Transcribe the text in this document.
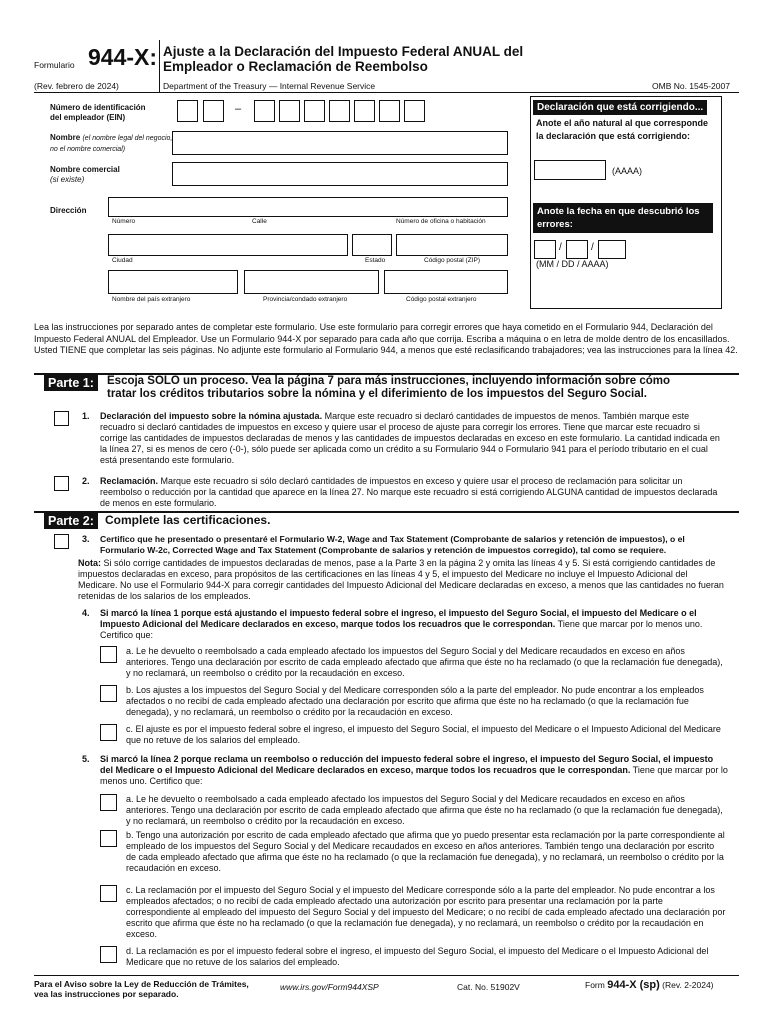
Formulario 944-X: Ajuste a la Declaración del Impuesto Federal ANUAL del
Empleador o Reclamación de Reembolso
(Rev. febrero de 2024)	Department of the Treasury — Internal Revenue Service	OMB No. 1545-2007
Número de identificación
del empleador (EIN)
–
Nombre (el nombre legal del negocio, no el nombre comercial)
Nombre comercial
(si existe)
Dirección
Número	Calle	Número de oficina o habitación
Ciudad	Estado	Código postal (ZIP)
Nombre del país extranjero	Provincia/condado extranjero	Código postal extranjero
Declaración que está corrigiendo...
Anote el año natural al que corresponde la declaración que está corrigiendo:
(AAAA)
Anote la fecha en que descubrió los errores:
/	/
(MM / DD / AAAA)
Lea las instrucciones por separado antes de completar este formulario. Use este formulario para corregir errores que haya cometido en el Formulario 944, Declaración del Impuesto Federal ANUAL del Empleador. Use un Formulario 944-X por separado para cada año que corrija. Escriba a máquina o en letra de molde dentro de los encasillados. Usted TIENE que completar las seis páginas. No adjunte este formulario al Formulario 944, a menos que esté reclasificando trabajadores; vea las instrucciones para la línea 42.
Parte 1:	Escoja SÓLO un proceso. Vea la página 7 para más instrucciones, incluyendo información sobre cómo
tratar los créditos tributarios sobre la nómina y el diferimiento de los impuestos del Seguro Social.
1. Declaración del impuesto sobre la nómina ajustada. Marque este recuadro si declaró cantidades de impuestos de menos. También marque este recuadro si declaró cantidades de impuestos en exceso y quiere usar el proceso de ajuste para corregir los errores. Tiene que marcar este recuadro si corrige las cantidades de impuestos declaradas de menos y las cantidades de impuestos declaradas en exceso en este formulario. La cantidad indicada en la línea 27, si es menos de cero (-0-), sólo puede ser aplicada como un crédito a su Formulario 944 o Formulario 941 para el período tributario en el cual está presentando este formulario.
2. Reclamación. Marque este recuadro si sólo declaró cantidades de impuestos en exceso y quiere usar el proceso de reclamación para solicitar un reembolso o reducción por la cantidad que aparece en la línea 27. No marque este recuadro si está corrigiendo ALGUNA cantidad de impuestos declarada de menos en este formulario.
Parte 2: Complete las certificaciones.
3. Certifico que he presentado o presentaré el Formulario W-2, Wage and Tax Statement (Comprobante de salarios y retención de impuestos), o el Formulario W-2c, Corrected Wage and Tax Statement (Comprobante de salarios y retención de impuestos corregido), tal como se requiere.
Nota: Si sólo corrige cantidades de impuestos declaradas de menos, pase a la Parte 3 en la página 2 y omita las líneas 4 y 5. Si está corrigiendo cantidades de impuestos declaradas en exceso, para propósitos de las certificaciones en las líneas 4 y 5, el impuesto del Medicare no incluye el Impuesto Adicional del Medicare. No use el Formulario 944-X para corregir cantidades del Impuesto Adicional del Medicare declaradas en exceso, a menos que las cantidades no fueran retenidas de los salarios de los empleados.
4. Si marcó la línea 1 porque está ajustando el impuesto federal sobre el ingreso, el impuesto del Seguro Social, el impuesto del Medicare o el Impuesto Adicional del Medicare declarados en exceso, marque todos los recuadros que le correspondan. Tiene que marcar por lo menos uno. Certifico que:
a. Le he devuelto o reembolsado a cada empleado afectado los impuestos del Seguro Social y del Medicare recaudados en exceso en años anteriores. Tengo una declaración por escrito de cada empleado afectado que afirma que éste no ha reclamado (o que la reclamación fue denegada), y no reclamará, un reembolso o crédito por la recaudación en exceso.
b. Los ajustes a los impuestos del Seguro Social y del Medicare corresponden sólo a la parte del empleador. No pude encontrar a los empleados afectados o no recibí de cada empleado afectado una declaración por escrito que afirma que éste no ha reclamado (o que la reclamación fue denegada), y no reclamará, un reembolso o crédito por la recaudación en exceso.
c. El ajuste es por el impuesto federal sobre el ingreso, el impuesto del Seguro Social, el impuesto del Medicare o el Impuesto Adicional del Medicare que no retuve de los salarios del empleado.
5. Si marcó la línea 2 porque reclama un reembolso o reducción del impuesto federal sobre el ingreso, el impuesto del Seguro Social, el impuesto del Medicare o el Impuesto Adicional del Medicare declarados en exceso, marque todos los recuadros que le correspondan. Tiene que marcar por lo menos uno. Certifico que:
a. Le he devuelto o reembolsado a cada empleado afectado los impuestos del Seguro Social y del Medicare recaudados en exceso en años anteriores. Tengo una declaración por escrito de cada empleado afectado que afirma que éste no ha reclamado (o que la reclamación fue denegada), y no reclamará, un reembolso o crédito por la recaudación en exceso.
b. Tengo una autorización por escrito de cada empleado afectado que afirma que yo puedo presentar esta reclamación por la parte correspondiente al empleado de los impuestos del Seguro Social y del Medicare recaudados en exceso en años anteriores. También tengo una declaración por escrito de cada empleado afectado que afirma que éste no ha reclamado (o que la reclamación fue denegada), y no reclamará, un reembolso o crédito por la recaudación en exceso.
c. La reclamación por el impuesto del Seguro Social y el impuesto del Medicare corresponde sólo a la parte del empleador. No pude encontrar a los empleados afectados; o no recibí de cada empleado afectado una autorización por escrito para presentar una reclamación por la parte correspondiente al empleado del impuesto del Seguro Social y del impuesto del Medicare; o no recibí de cada empleado afectado una declaración por escrito que afirma que éste no ha reclamado (o que la reclamación fue denegada), y no reclamará, un reembolso o crédito por la recaudación en exceso.
d. La reclamación es por el impuesto federal sobre el ingreso, el impuesto del Seguro Social, el impuesto del Medicare o el Impuesto Adicional del Medicare que no retuve de los salarios del empleado.
Para el Aviso sobre la Ley de Reducción de Trámites, vea las instrucciones por separado.
www.irs.gov/Form944XSP	Cat. No. 51902V	Form 944-X (sp) (Rev. 2-2024)
